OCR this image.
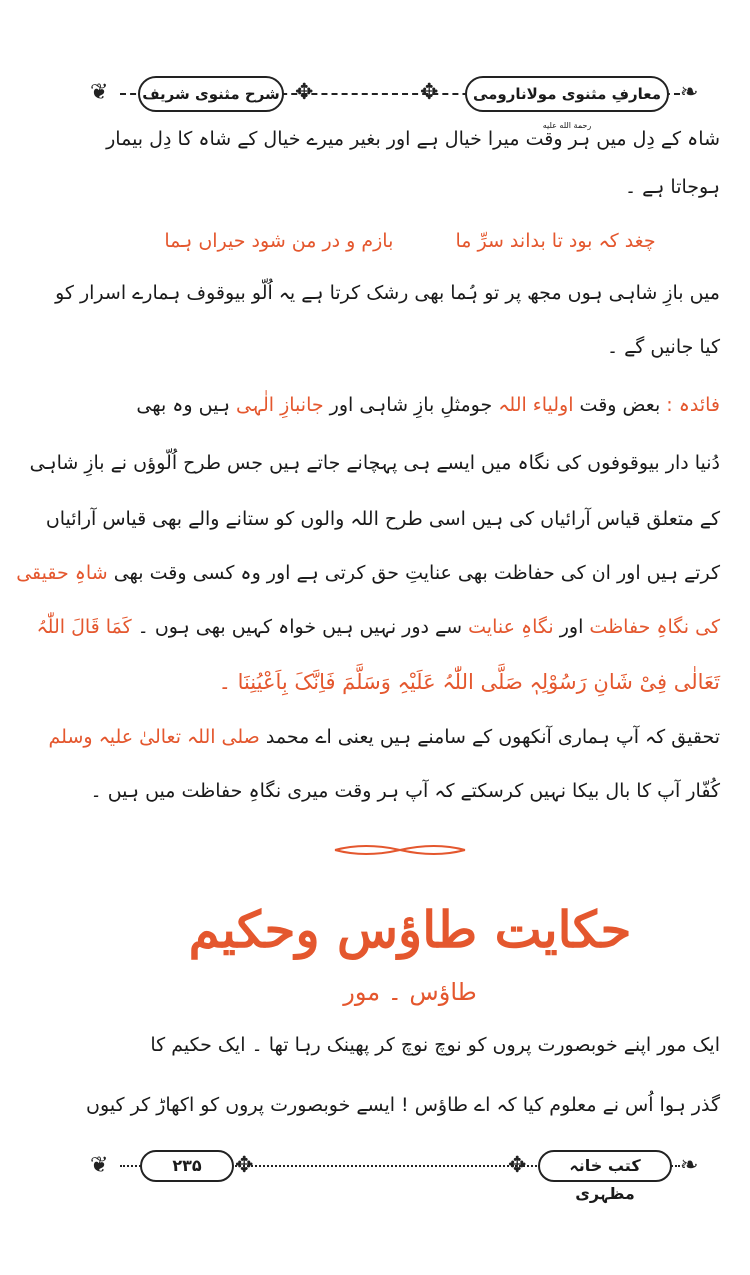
❦ شرح مثنوی شریف ✥	✥	معارفِ مثنوی مولانارومی $^{رحمة الله عليه}$
❧
شاہ کے دِل میں ہر وقت میرا خیال ہے اور بغیر میرے خیال کے شاہ کا دِل بیمار
ہوجاتا ہے ۔
چغد کہ بود تا بداند سرِّ ما  بازم و در من شود حیراں ہما
میں بازِ شاہی ہوں مجھ پر تو ہُما بھی رشک کرتا ہے یہ اُلّو بیوقوف ہمارے اسرار کو
کیا جانیں گے ۔
فائدہ : بعض وقت اولیاء اللہ جومثلِ بازِ شاہی اور جانبازِ الٰہی ہیں وہ بھی
دُنیا دار بیوقوفوں کی نگاہ میں ایسے ہی پہچانے جاتے ہیں جس طرح اُلّوؤں نے بازِ شاہی
کے متعلق قیاس آرائیاں کی ہیں اسی طرح اللہ والوں کو ستانے والے بھی قیاس آرائیاں
کرتے ہیں اور ان کی حفاظت بھی عنایتِ حق کرتی ہے اور وہ کسی وقت بھی شاہِ حقیقی
کی نگاہِ حفاظت اور نگاہِ عنایت سے دور نہیں ہیں خواہ کہیں بھی ہوں ۔ کَمَا قَالَ اللّٰہُ
تَعَالٰی فِیْ شَانِ رَسُوْلِہٖ صَلَّی اللّٰہُ عَلَیْہِ وَسَلَّمَ فَاِنَّکَ بِاَعْیُنِنَا ۔
تحقیق کہ آپ ہماری آنکھوں کے سامنے ہیں یعنی اے محمد صلی اللہ تعالیٰ علیہ وسلم
کُفّار آپ کا بال بیکا نہیں کرسکتے کہ آپ ہر وقت میری نگاہِ حفاظت میں ہیں ۔
حکایت طاؤس وحکیم
طاؤس ۔ مور
ایک مور اپنے خوبصورت پروں کو نوچ نوچ کر پھینک رہا تھا ۔ ایک حکیم کا
گذر ہوا اُس نے معلوم کیا کہ اے طاؤس ! ایسے خوبصورت پروں کو اکھاڑ کر کیوں
❦	۲۳۵	✥	✥	کتب خانہ مظہری
❧
